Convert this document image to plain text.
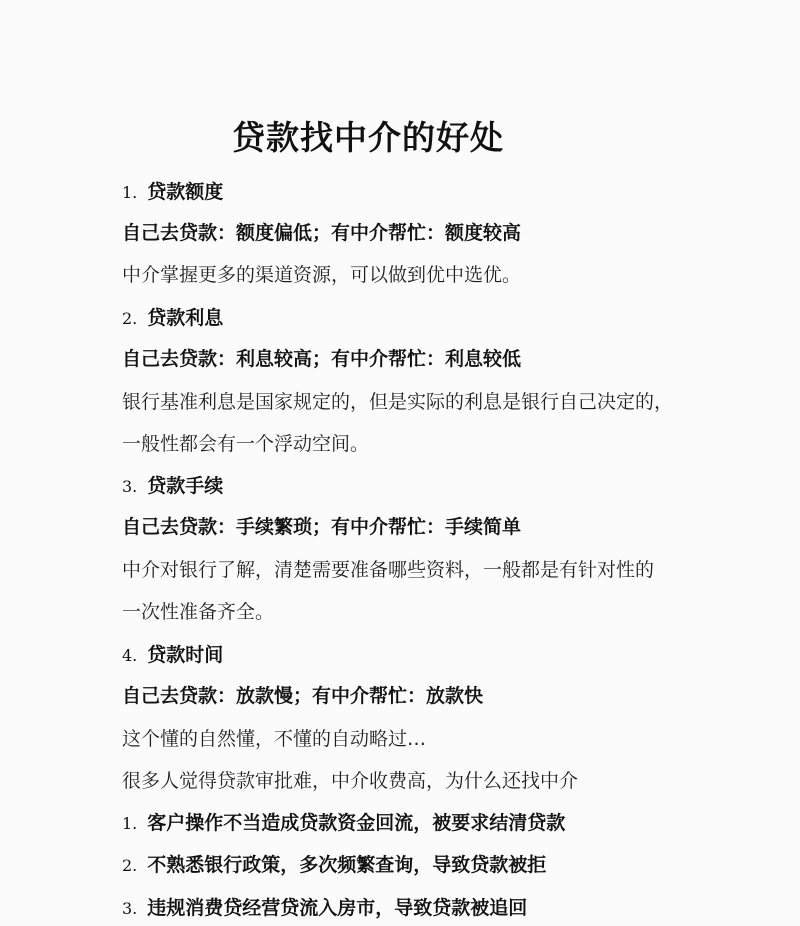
贷款找中介的好处
1. 贷款额度
自己去贷款：额度偏低；有中介帮忙：额度较高
中介掌握更多的渠道资源，可以做到优中选优。
2. 贷款利息
自己去贷款：利息较高；有中介帮忙：利息较低
银行基准利息是国家规定的，但是实际的利息是银行自己决定的，
一般性都会有一个浮动空间。
3. 贷款手续
自己去贷款：手续繁琐；有中介帮忙：手续简单
中介对银行了解，清楚需要准备哪些资料，一般都是有针对性的
一次性准备齐全。
4. 贷款时间
自己去贷款：放款慢；有中介帮忙：放款快
这个懂的自然懂，不懂的自动略过…
很多人觉得贷款审批难，中介收费高，为什么还找中介
1. 客户操作不当造成贷款资金回流，被要求结清贷款
2. 不熟悉银行政策，多次频繁查询，导致贷款被拒
3. 违规消费贷经营贷流入房市，导致贷款被追回
